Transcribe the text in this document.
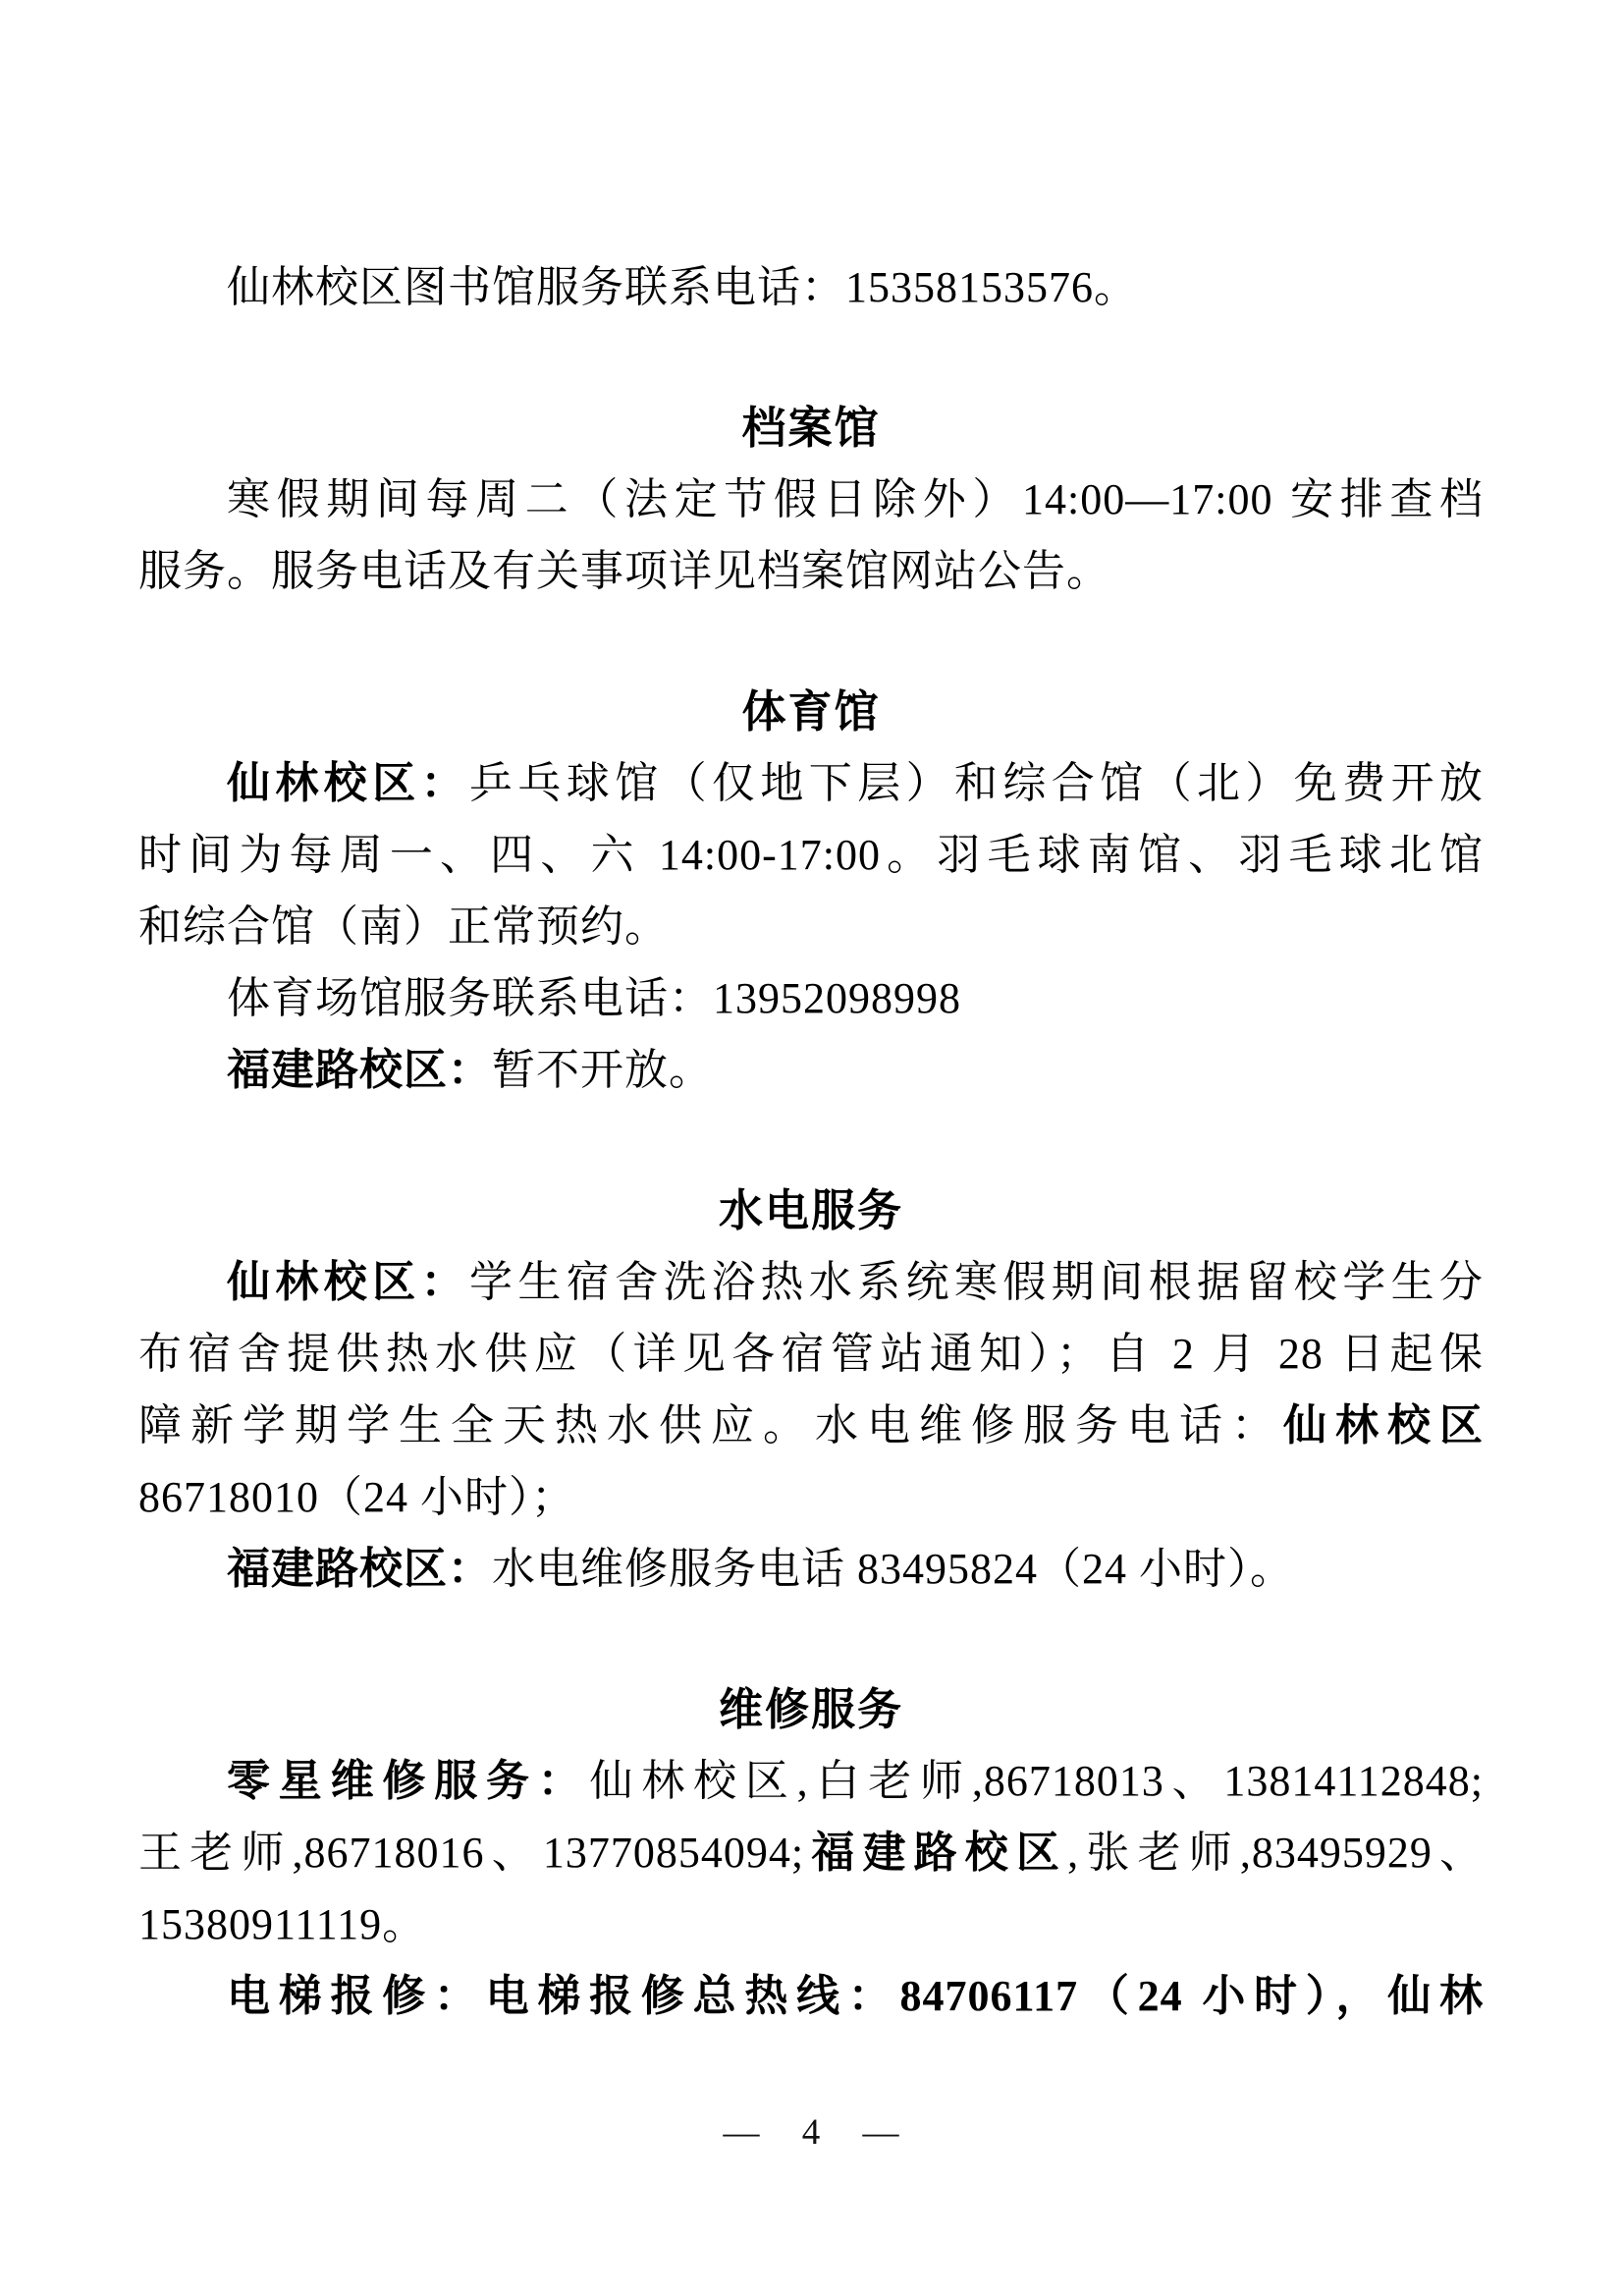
仙林校区图书馆服务联系电话：15358153576。
档案馆
寒假期间每周二（法定节假日除外）14:00—17:00 安排查档
服务。服务电话及有关事项详见档案馆网站公告。
体育馆
仙林校区：乒乓球馆（仅地下层）和综合馆（北）免费开放
时间为每周一、四、六 14:00-17:00。羽毛球南馆、羽毛球北馆
和综合馆（南）正常预约。
体育场馆服务联系电话：13952098998
福建路校区：暂不开放。
水电服务
仙林校区：学生宿舍洗浴热水系统寒假期间根据留校学生分
布宿舍提供热水供应（详见各宿管站通知）；自 2 月 28 日起保
障新学期学生全天热水供应。水电维修服务电话：仙林校区
86718010（24 小时）；
福建路校区：水电维修服务电话 83495824（24 小时）。
维修服务
零星维修服务：仙林校区,白老师,86718013、13814112848;
王老师,86718016、13770854094;福建路校区,张老师,83495929、
15380911119。
电梯报修：电梯报修总热线：84706117（24 小时），仙林
— 4 —
